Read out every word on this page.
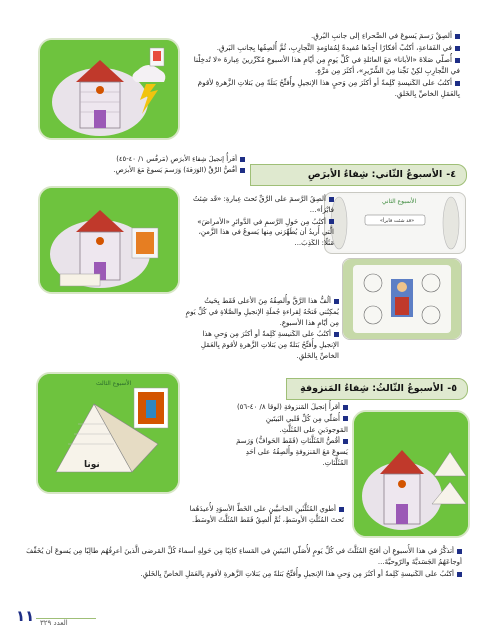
ألصِقْ رَسمَ يَسوعَ في الصَّحراءِ إلى جانبِ البُرقِ.

في الفَقاعةِ، أكتُبْ أفكارًا أجِدُها مُفيدةً لِمُقاوَمةِ التَّجارِبِ، ثُمَّ أُلصِقُها بِجانبِ البَرقِ.

أُصلّي صَلاةَ «الأبانا» مَعَ العائلةِ في كُلِّ يَومٍ مِن أيّامِ هذا الأسبوعِ مُكَرِّرينَ عِبارةَ «لا تُدخِلْنا في التَّجارِبِ لكِنْ نَجِّنا مِنَ الشِّرّيرِ»، أكثَرَ مِن مَرَّةٍ.

أكتُبُ على الكَنيسةِ كَلِمةً أو أكثَرَ مِن وَحيٍ هذا الإنجيلِ وأُفتِّحُ بَتلَةً مِن بَتلاتِ الزَّهرةِ لأقومَ بِالعَمَلِ الخاصِّ بِالخَلقِ.

٤-الأسبوعُ الثّاني: شِفاءُ الأبرَصِ

أقرأُ إنجيلَ شِفاءِ الأبرَصِ (مَرقُس ١/ ٤٠-٤٥)

أقُصُّ الرَّقَّ (الوَرَقةَ) وَرَسمَ يَسوعَ مَعَ الأبرَصِ.

الأسبوع الثاني
«قد شئت فابرأ»

ألصِقُ الرَّسمَ على الرَّقِّ تَحتَ عِبارةِ: «قَد شِئتُ فابْرَأ»...

أكتُبُ مِن حَولِ الرَّسمِ في الدَّوائرِ «الأمراضَ» الَّتي أُريدُ أن يُطَهِّرَني مِنها يَسوعُ في هذا الزَّمنِ، مَثَلًا: الكَذِبَ...

ألُفُّ هذا الرَّقَّ وأُلصِقُهُ مِنَ الأعلى فَقَط بِحَيثُ يُمكِنُني فَتحُهُ لِقراءةِ جُملَةِ الإنجيلِ والصَّلاةِ في كُلِّ يَومٍ مِن أيّامِ هذا الأسبوعِ.

أكتُبُ على الكَنيسةِ كَلِمةً أو أكثَرَ مِن وَحيِ هذا الإنجيلِ وأُفتِّحُ بَتلةً مِن بَتلاتِ الزَّهرةِ لأقومَ بِالعَمَلِ الخاصِّ بِالخَلقِ.

٥-الأسبوعُ الثّالثُ: شِفاءُ المَنزوفةِ
نونا
الأسبوع الثالث

أقرأُ إنجيلَ المَنزوفةِ (لوقا ٨/ ٤٠-٥٦)

أُصَلّي مِن كُلِّ قَلبي البَيتَينِ المَوجودَينِ على المُثَلَّثِ.

أقُصُّ المُثَلَّثاتِ (فَقَط الحَوافُّ) وَرَسمَ يَسوعَ مَعَ المَنزوفةِ وأُلصِقُهُ على أحَدِ المُثَلَّثاتِ.

أطوي المُثَلَّثَينِ الجانبيَّينِ على الخَطِّ الأسوَدِ لأُعيدَهُما تَحتَ المُثَلَّثِ الأوسَطِ، ثُمَّ أُلصِقُ فَقَط المُثَلَّثَ الأوسَطَ.

أتذكَّرُ في هذا الأُسبوعِ أن أفتَحَ المُثَلَّثَ في كُلِّ يَومٍ لأُصَلّي البَيتَينِ في المَساءِ كاتِبًا مِن حَولِهِ أسماءَ كُلِّ المَرضى الَّذينَ أعرِفُهُم طالِبًا مِن يَسوعَ أن يُخَفِّفَ أوجاعَهُمُ الجَسَديَّةَ والرّوحيَّةَ...

أكتُبُ على الكَنيسةِ كَلِمةً أو أكثَرَ مِن وَحيِ هذا الإنجيلِ وأُفتِّحُ بَتلةً مِن بَتلاتِ الزَّهرةِ لأقومَ بِالعَمَلِ الخاصِّ بِالخَلقِ.

١١ العدد ٣٢٩
